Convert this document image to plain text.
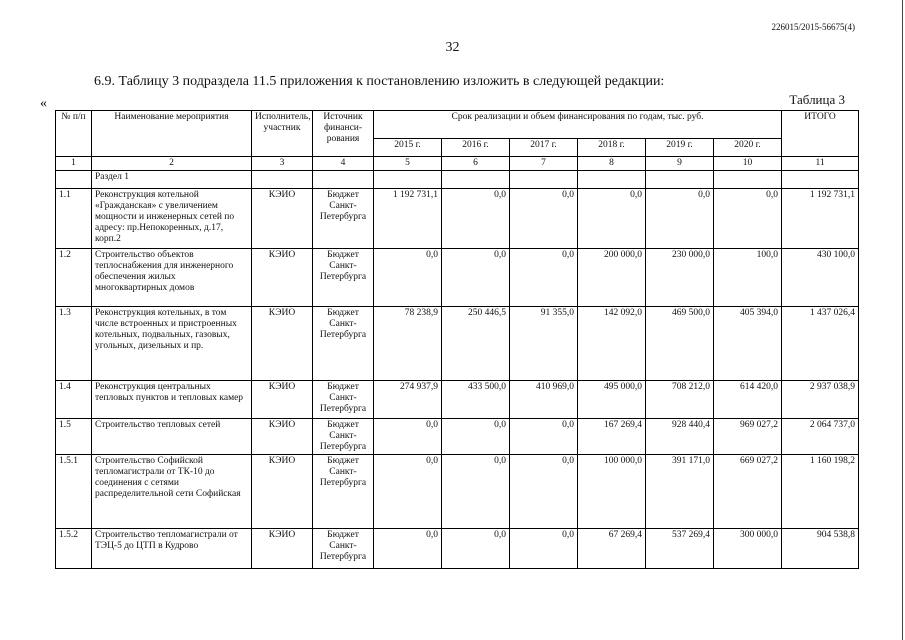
226015/2015-56675(4)
32
6.9. Таблицу 3 подраздела 11.5 приложения к постановлению изложить в следующей редакции:
«	Таблица 3
№ п/п	Наименование мероприятия	Исполнитель, участник	Источник финанси- рования	Срок реализации и объем финансирования по годам, тыс. руб.						ИТОГО
				2015 г.	2016 г.	2017 г.	2018 г.	2019 г.	2020 г.	
1	2	3	4	5	6	7	8	9	10	11
	Раздел 1									
1.1	Реконструкция котельной «Гражданская» с увеличением мощности и инженерных сетей по адресу: пр.Непокоренных, д.17, корп.2	КЭИО	Бюджет Санкт-Петербурга	1 192 731,1	0,0	0,0	0,0	0,0	0,0	1 192 731,1
1.2	Строительство объектов теплоснабжения для инженерного обеспечения жилых многоквартирных домов	КЭИО	Бюджет Санкт-Петербурга	0,0	0,0	0,0	200 000,0	230 000,0	100,0	430 100,0
1.3	Реконструкция котельных, в том числе встроенных и пристроенных котельных, подвальных, газовых, угольных, дизельных и пр.	КЭИО	Бюджет Санкт-Петербурга	78 238,9	250 446,5	91 355,0	142 092,0	469 500,0	405 394,0	1 437 026,4
1.4	Реконструкция центральных тепловых пунктов и тепловых камер	КЭИО	Бюджет Санкт-Петербурга	274 937,9	433 500,0	410 969,0	495 000,0	708 212,0	614 420,0	2 937 038,9
1.5	Строительство тепловых сетей	КЭИО	Бюджет Санкт-Петербурга	0,0	0,0	0,0	167 269,4	928 440,4	969 027,2	2 064 737,0
1.5.1	Строительство Софийской тепломагистрали от ТК-10 до соединения с сетями распределительной сети Софийская	КЭИО	Бюджет Санкт-Петербурга	0,0	0,0	0,0	100 000,0	391 171,0	669 027,2	1 160 198,2
1.5.2	Строительство тепломагистрали от ТЭЦ-5 до ЦТП в Кудрово	КЭИО	Бюджет Санкт-Петербурга	0,0	0,0	0,0	67 269,4	537 269,4	300 000,0	904 538,8
